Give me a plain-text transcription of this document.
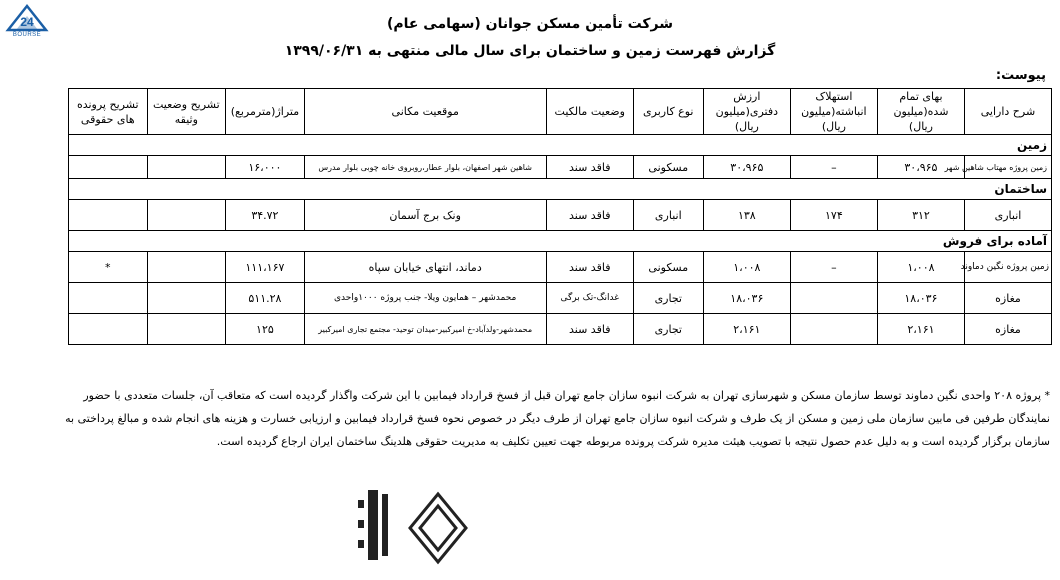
24
BOURSE
شرکت تأمین مسکن جوانان (سهامی عام)
گزارش فهرست زمین و ساختمان برای سال مالی منتهی به ۱۳۹۹/۰۶/۳۱
پیوست:
شرح دارایی	بهای تمام شده(میلیون ریال)	استهلاک انباشته(میلیون ریال)	ارزش دفتری(میلیون ریال)	نوع کاربری	وضعیت مالکیت	موقعیت مکانی	متراژ(مترمربع)	تشریح وضعیت وثیقه	تشریح پرونده های حقوقی
زمین									
زمین پروژه مهتاب شاهین شهر	۳۰،۹۶۵	–	۳۰،۹۶۵	مسکونی	فاقد سند	شاهین شهر اصفهان، بلوار عطار،روبروی خانه چوبی بلوار مدرس	۱۶،۰۰۰		
ساختمان									
انباری	۳۱۲	۱۷۴	۱۳۸	انباری	فاقد سند	ونک برج آسمان	۳۴.۷۲		
آماده برای فروش									
زمین پروژه نگین دماوند	۱،۰۰۸	–	۱،۰۰۸	مسکونی	فاقد سند	دماند، انتهای خیابان سپاه	۱۱۱،۱۶۷		*
مغازه	۱۸،۰۳۶		۱۸،۰۳۶	تجاری	غدانگ-تک برگی	محمدشهر – همایون ویلا- جنب پروژه ۱۰۰۰واحدی	۵۱۱.۲۸		
مغازه	۲،۱۶۱		۲،۱۶۱	تجاری	فاقد سند	محمدشهر-ولدآباد-خ امیرکبیر-میدان توحید- مجتمع تجاری امیرکبیر	۱۲۵		
* پروژه ۲۰۸ واحدی نگین دماوند توسط سازمان مسکن و شهرسازی تهران به شرکت انبوه سازان جامع تهران قبل از فسخ قرارداد فیمابین با این شرکت واگذار گردیده است که متعاقب آن، جلسات متعددی با حضور نمایندگان طرفین فی مابین سازمان ملی زمین و مسکن از یک طرف و شرکت انبوه سازان جامع تهران از طرف دیگر در خصوص نحوه فسخ قرارداد فیمابین و ارزیابی خسارت و هزینه های انجام شده و مبالغ پرداختی به سازمان برگزار گردیده است و به دلیل عدم حصول نتیجه با تصویب هیئت مدیره شرکت پرونده مربوطه جهت تعیین تکلیف به مدیریت حقوقی هلدینگ ساختمان ایران ارجاع گردیده است.
